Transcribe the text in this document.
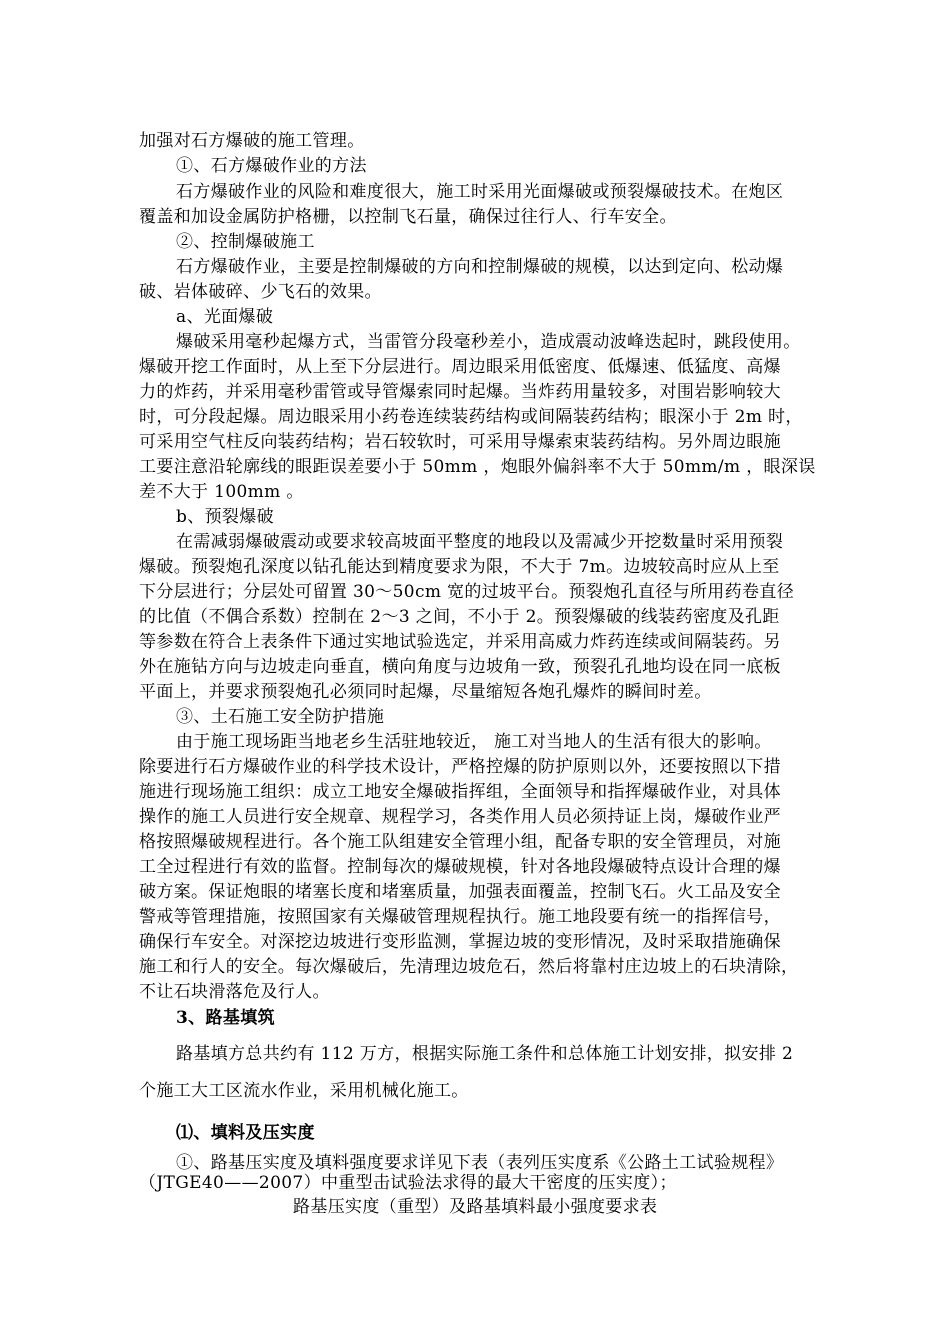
加强对石方爆破的施工管理。

①、石方爆破作业的方法

石方爆破作业的风险和难度很大，施工时采用光面爆破或预裂爆破技术。在炮区

覆盖和加设金属防护格栅，以控制飞石量，确保过往行人、行车安全。

②、控制爆破施工

石方爆破作业，主要是控制爆破的方向和控制爆破的规模，以达到定向、松动爆

破、岩体破碎、少飞石的效果。

a、光面爆破

爆破采用毫秒起爆方式，当雷管分段毫秒差小，造成震动波峰迭起时，跳段使用。

爆破开挖工作面时，从上至下分层进行。周边眼采用低密度、低爆速、低猛度、高爆

力的炸药，并采用毫秒雷管或导管爆索同时起爆。当炸药用量较多，对围岩影响较大

时，可分段起爆。周边眼采用小药卷连续装药结构或间隔装药结构；眼深小于 2m 时，

可采用空气柱反向装药结构；岩石较软时，可采用导爆索束装药结构。另外周边眼施

工要注意沿轮廓线的眼距误差要小于 50mm ，炮眼外偏斜率不大于 50mm/m ，眼深误

差不大于 100mm 。

b、预裂爆破

在需减弱爆破震动或要求较高坡面平整度的地段以及需减少开挖数量时采用预裂

爆破。预裂炮孔深度以钻孔能达到精度要求为限，不大于 7m。边坡较高时应从上至

下分层进行；分层处可留置 30～50cm 宽的过坡平台。预裂炮孔直径与所用药卷直径

的比值（不偶合系数）控制在 2～3 之间，不小于 2。预裂爆破的线装药密度及孔距

等参数在符合上表条件下通过实地试验选定，并采用高威力炸药连续或间隔装药。另

外在施钻方向与边坡走向垂直，横向角度与边坡角一致，预裂孔孔地均设在同一底板

平面上，并要求预裂炮孔必须同时起爆，尽量缩短各炮孔爆炸的瞬间时差。

③、土石施工安全防护措施

由于施工现场距当地老乡生活驻地较近， 施工对当地人的生活有很大的影响。

除要进行石方爆破作业的科学技术设计，严格控爆的防护原则以外，还要按照以下措

施进行现场施工组织：成立工地安全爆破指挥组，全面领导和指挥爆破作业，对具体

操作的施工人员进行安全规章、规程学习，各类作用人员必须持证上岗，爆破作业严

格按照爆破规程进行。各个施工队组建安全管理小组，配备专职的安全管理员，对施

工全过程进行有效的监督。控制每次的爆破规模，针对各地段爆破特点设计合理的爆

破方案。保证炮眼的堵塞长度和堵塞质量，加强表面覆盖，控制飞石。火工品及安全

警戒等管理措施，按照国家有关爆破管理规程执行。施工地段要有统一的指挥信号，

确保行车安全。对深挖边坡进行变形监测，掌握边坡的变形情况，及时采取措施确保

施工和行人的安全。每次爆破后，先清理边坡危石，然后将靠村庄边坡上的石块清除，

不让石块滑落危及行人。

3、路基填筑

路基填方总共约有 112 万方，根据实际施工条件和总体施工计划安排，拟安排 2

个施工大工区流水作业，采用机械化施工。

⑴、填料及压实度

①、路基压实度及填料强度要求详见下表（表列压实度系《公路土工试验规程》

（JTGE40——2007）中重型击试验法求得的最大干密度的压实度）；

路基压实度（重型）及路基填料最小强度要求表
